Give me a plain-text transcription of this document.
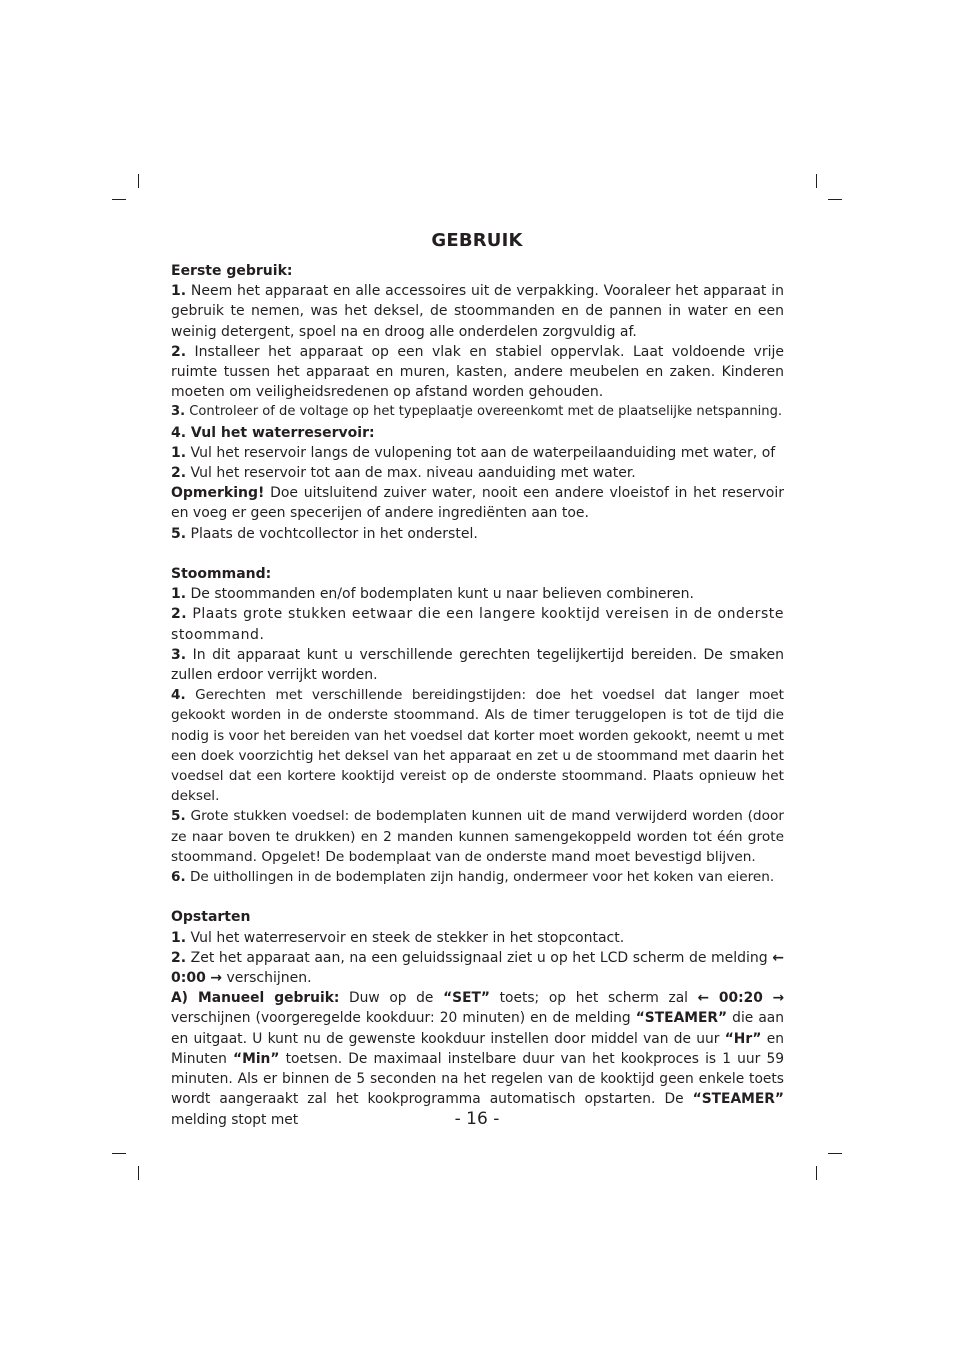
GEBRUIK

Eerste gebruik:

1. Neem het apparaat en alle accessoires uit de verpakking. Vooraleer het apparaat in gebruik te nemen, was het deksel, de stoommanden en de pannen in water en een weinig detergent, spoel na en droog alle onderdelen zorgvuldig af.

2. Installeer het apparaat op een vlak en stabiel oppervlak. Laat voldoende vrije ruimte tussen het apparaat en muren, kasten, andere meubelen en zaken. Kinderen moeten om veiligheidsredenen op afstand worden gehouden.

3. Controleer of de voltage op het typeplaatje overeenkomt met de plaatselijke netspanning.

4. Vul het waterreservoir:

1. Vul het reservoir langs de vulopening tot aan de waterpeilaanduiding met water, of

2. Vul het reservoir tot aan de max. niveau aanduiding met water.

Opmerking! Doe uitsluitend zuiver water, nooit een andere vloeistof in het reservoir en voeg er geen specerijen of andere ingrediënten aan toe.

5. Plaats de vochtcollector in het onderstel.

Stoommand:

1. De stoommanden en/of bodemplaten kunt u naar believen combineren.

2. Plaats grote stukken eetwaar die een langere kooktijd vereisen in de onderste stoommand.

3. In dit apparaat kunt u verschillende gerechten tegelijkertijd bereiden. De smaken zullen erdoor verrijkt worden.

4. Gerechten met verschillende bereidingstijden: doe het voedsel dat langer moet gekookt worden in de onderste stoommand. Als de timer teruggelopen is tot de tijd die nodig is voor het bereiden van het voedsel dat korter moet worden gekookt, neemt u met een doek voorzichtig het deksel van het apparaat en zet u de stoommand met daarin het voedsel dat een kortere kooktijd vereist op de onderste stoommand. Plaats opnieuw het deksel.

5. Grote stukken voedsel: de bodemplaten kunnen uit de mand verwijderd worden (door ze naar boven te drukken) en 2 manden kunnen samengekoppeld worden tot één grote stoommand. Opgelet! De bodemplaat van de onderste mand moet bevestigd blijven.

6. De uithollingen in de bodemplaten zijn handig, ondermeer voor het koken van eieren.

Opstarten

1. Vul het waterreservoir en steek de stekker in het stopcontact.

2. Zet het apparaat aan, na een geluidssignaal ziet u op het LCD scherm de melding ← 0:00 → verschijnen.

A) Manueel gebruik: Duw op de “SET” toets; op het scherm zal ← 00:20 → verschijnen (voorgeregelde kookduur: 20 minuten) en de melding “STEAMER” die aan en uitgaat. U kunt nu de gewenste kookduur instellen door middel van de uur “Hr” en Minuten “Min” toetsen. De maximaal instelbare duur van het kookproces is 1 uur 59 minuten. Als er binnen de 5 seconden na het regelen van de kooktijd geen enkele toets wordt aangeraakt zal het kookprogramma automatisch opstarten. De “STEAMER” melding stopt met	- 16 -
